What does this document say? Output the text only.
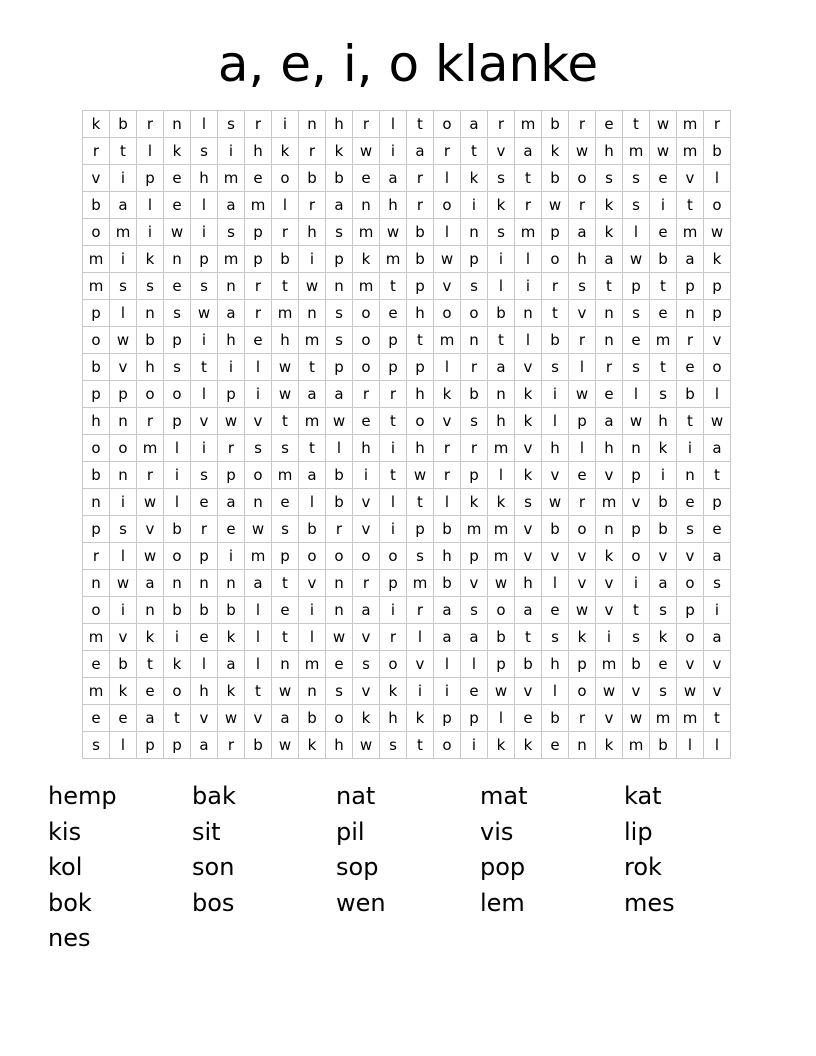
a, e, i, o klanke
k	b	r	n	l	s	r	i	n	h	r	l	t	o	a	r	m	b	r	e	t	w	m	r
r	t	l	k	s	i	h	k	r	k	w	i	a	r	t	v	a	k	w	h	m	w	m	b
v	i	p	e	h	m	e	o	b	b	e	a	r	l	k	s	t	b	o	s	s	e	v	l
b	a	l	e	l	a	m	l	r	a	n	h	r	o	i	k	r	w	r	k	s	i	t	o
o	m	i	w	i	s	p	r	h	s	m	w	b	l	n	s	m	p	a	k	l	e	m	w
m	i	k	n	p	m	p	b	i	p	k	m	b	w	p	i	l	o	h	a	w	b	a	k
m	s	s	e	s	n	r	t	w	n	m	t	p	v	s	l	i	r	s	t	p	t	p	p
p	l	n	s	w	a	r	m	n	s	o	e	h	o	o	b	n	t	v	n	s	e	n	p
o	w	b	p	i	h	e	h	m	s	o	p	t	m	n	t	l	b	r	n	e	m	r	v
b	v	h	s	t	i	l	w	t	p	o	p	p	l	r	a	v	s	l	r	s	t	e	o
p	p	o	o	l	p	i	w	a	a	r	r	h	k	b	n	k	i	w	e	l	s	b	l
h	n	r	p	v	w	v	t	m	w	e	t	o	v	s	h	k	l	p	a	w	h	t	w
o	o	m	l	i	r	s	s	t	l	h	i	h	r	r	m	v	h	l	h	n	k	i	a
b	n	r	i	s	p	o	m	a	b	i	t	w	r	p	l	k	v	e	v	p	i	n	t
n	i	w	l	e	a	n	e	l	b	v	l	t	l	k	k	s	w	r	m	v	b	e	p
p	s	v	b	r	e	w	s	b	r	v	i	p	b	m	m	v	b	o	n	p	b	s	e
r	l	w	o	p	i	m	p	o	o	o	o	s	h	p	m	v	v	v	k	o	v	v	a
n	w	a	n	n	n	a	t	v	n	r	p	m	b	v	w	h	l	v	v	i	a	o	s
o	i	n	b	b	b	l	e	i	n	a	i	r	a	s	o	a	e	w	v	t	s	p	i
m	v	k	i	e	k	l	t	l	w	v	r	l	a	a	b	t	s	k	i	s	k	o	a
e	b	t	k	l	a	l	n	m	e	s	o	v	l	l	p	b	h	p	m	b	e	v	v
m	k	e	o	h	k	t	w	n	s	v	k	i	i	e	w	v	l	o	w	v	s	w	v
e	e	a	t	v	w	v	a	b	o	k	h	k	p	p	l	e	b	r	v	w	m	m	t
s	l	p	p	a	r	b	w	k	h	w	s	t	o	i	k	k	e	n	k	m	b	l	l
hemp	bak	nat	mat	kat
kis	sit	pil	vis	lip
kol	son	sop	pop	rok
bok	bos	wen	lem	mes
nes
